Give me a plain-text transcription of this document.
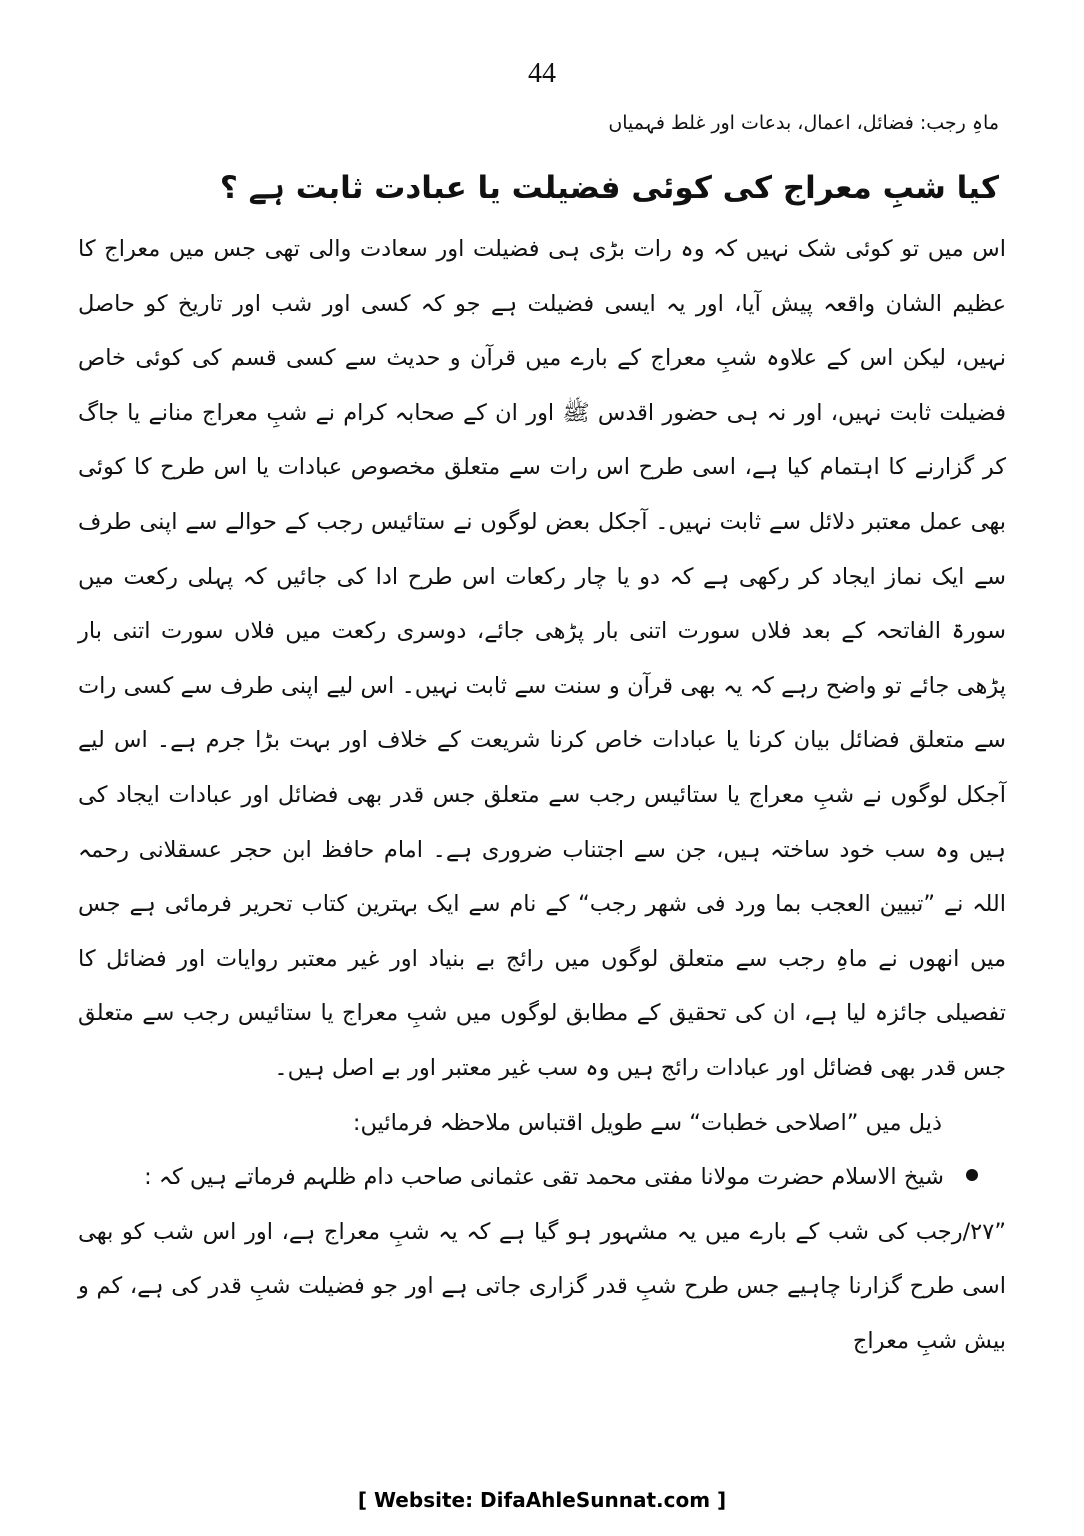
44
ماہِ رجب: فضائل، اعمال، بدعات اور غلط فہمیاں
کیا شبِ معراج کی کوئی فضیلت یا عبادت ثابت ہے ؟

اس میں تو کوئی شک نہیں کہ وہ رات بڑی ہی فضیلت اور سعادت والی تھی جس میں معراج کا عظیم الشان واقعہ پیش آیا، اور یہ ایسی فضیلت ہے جو کہ کسی اور شب اور تاریخ کو حاصل نہیں، لیکن اس کے علاوہ شبِ معراج کے بارے میں قرآن و حدیث سے کسی قسم کی کوئی خاص فضیلت ثابت نہیں، اور نہ ہی حضور اقدس ﷺ اور ان کے صحابہ کرام نے شبِ معراج منانے یا جاگ کر گزارنے کا اہتمام کیا ہے، اسی طرح اس رات سے متعلق مخصوص عبادات یا اس طرح کا کوئی بھی عمل معتبر دلائل سے ثابت نہیں۔ آجکل بعض لوگوں نے ستائیس رجب کے حوالے سے اپنی طرف سے ایک نماز ایجاد کر رکھی ہے کہ دو یا چار رکعات اس طرح ادا کی جائیں کہ پہلی رکعت میں سورۃ الفاتحہ کے بعد فلاں سورت اتنی بار پڑھی جائے، دوسری رکعت میں فلاں سورت اتنی بار پڑھی جائے تو واضح رہے کہ یہ بھی قرآن و سنت سے ثابت نہیں۔ اس لیے اپنی طرف سے کسی رات سے متعلق فضائل بیان کرنا یا عبادات خاص کرنا شریعت کے خلاف اور بہت بڑا جرم ہے۔ اس لیے آجکل لوگوں نے شبِ معراج یا ستائیس رجب سے متعلق جس قدر بھی فضائل اور عبادات ایجاد کی ہیں وہ سب خود ساختہ ہیں، جن سے اجتناب ضروری ہے۔ امام حافظ ابن حجر عسقلانی رحمہ اللہ نے ”تبیین العجب بما ورد فی شهر رجب“ کے نام سے ایک بہترین کتاب تحریر فرمائی ہے جس میں انھوں نے ماہِ رجب سے متعلق لوگوں میں رائج بے بنیاد اور غیر معتبر روایات اور فضائل کا تفصیلی جائزہ لیا ہے، ان کی تحقیق کے مطابق لوگوں میں شبِ معراج یا ستائیس رجب سے متعلق جس قدر بھی فضائل اور عبادات رائج ہیں وہ سب غیر معتبر اور بے اصل ہیں۔

ذیل میں ”اصلاحی خطبات“ سے طویل اقتباس ملاحظہ فرمائیں:

شیخ الاسلام حضرت مولانا مفتی محمد تقی عثمانی صاحب دام ظلہم فرماتے ہیں کہ :

”۲۷/رجب کی شب کے بارے میں یہ مشہور ہو گیا ہے کہ یہ شبِ معراج ہے، اور اس شب کو بھی اسی طرح گزارنا چاہیے جس طرح شبِ قدر گزاری جاتی ہے اور جو فضیلت شبِ قدر کی ہے، کم و بیش شبِ معراج

[ Website: DifaAhleSunnat.com ]
